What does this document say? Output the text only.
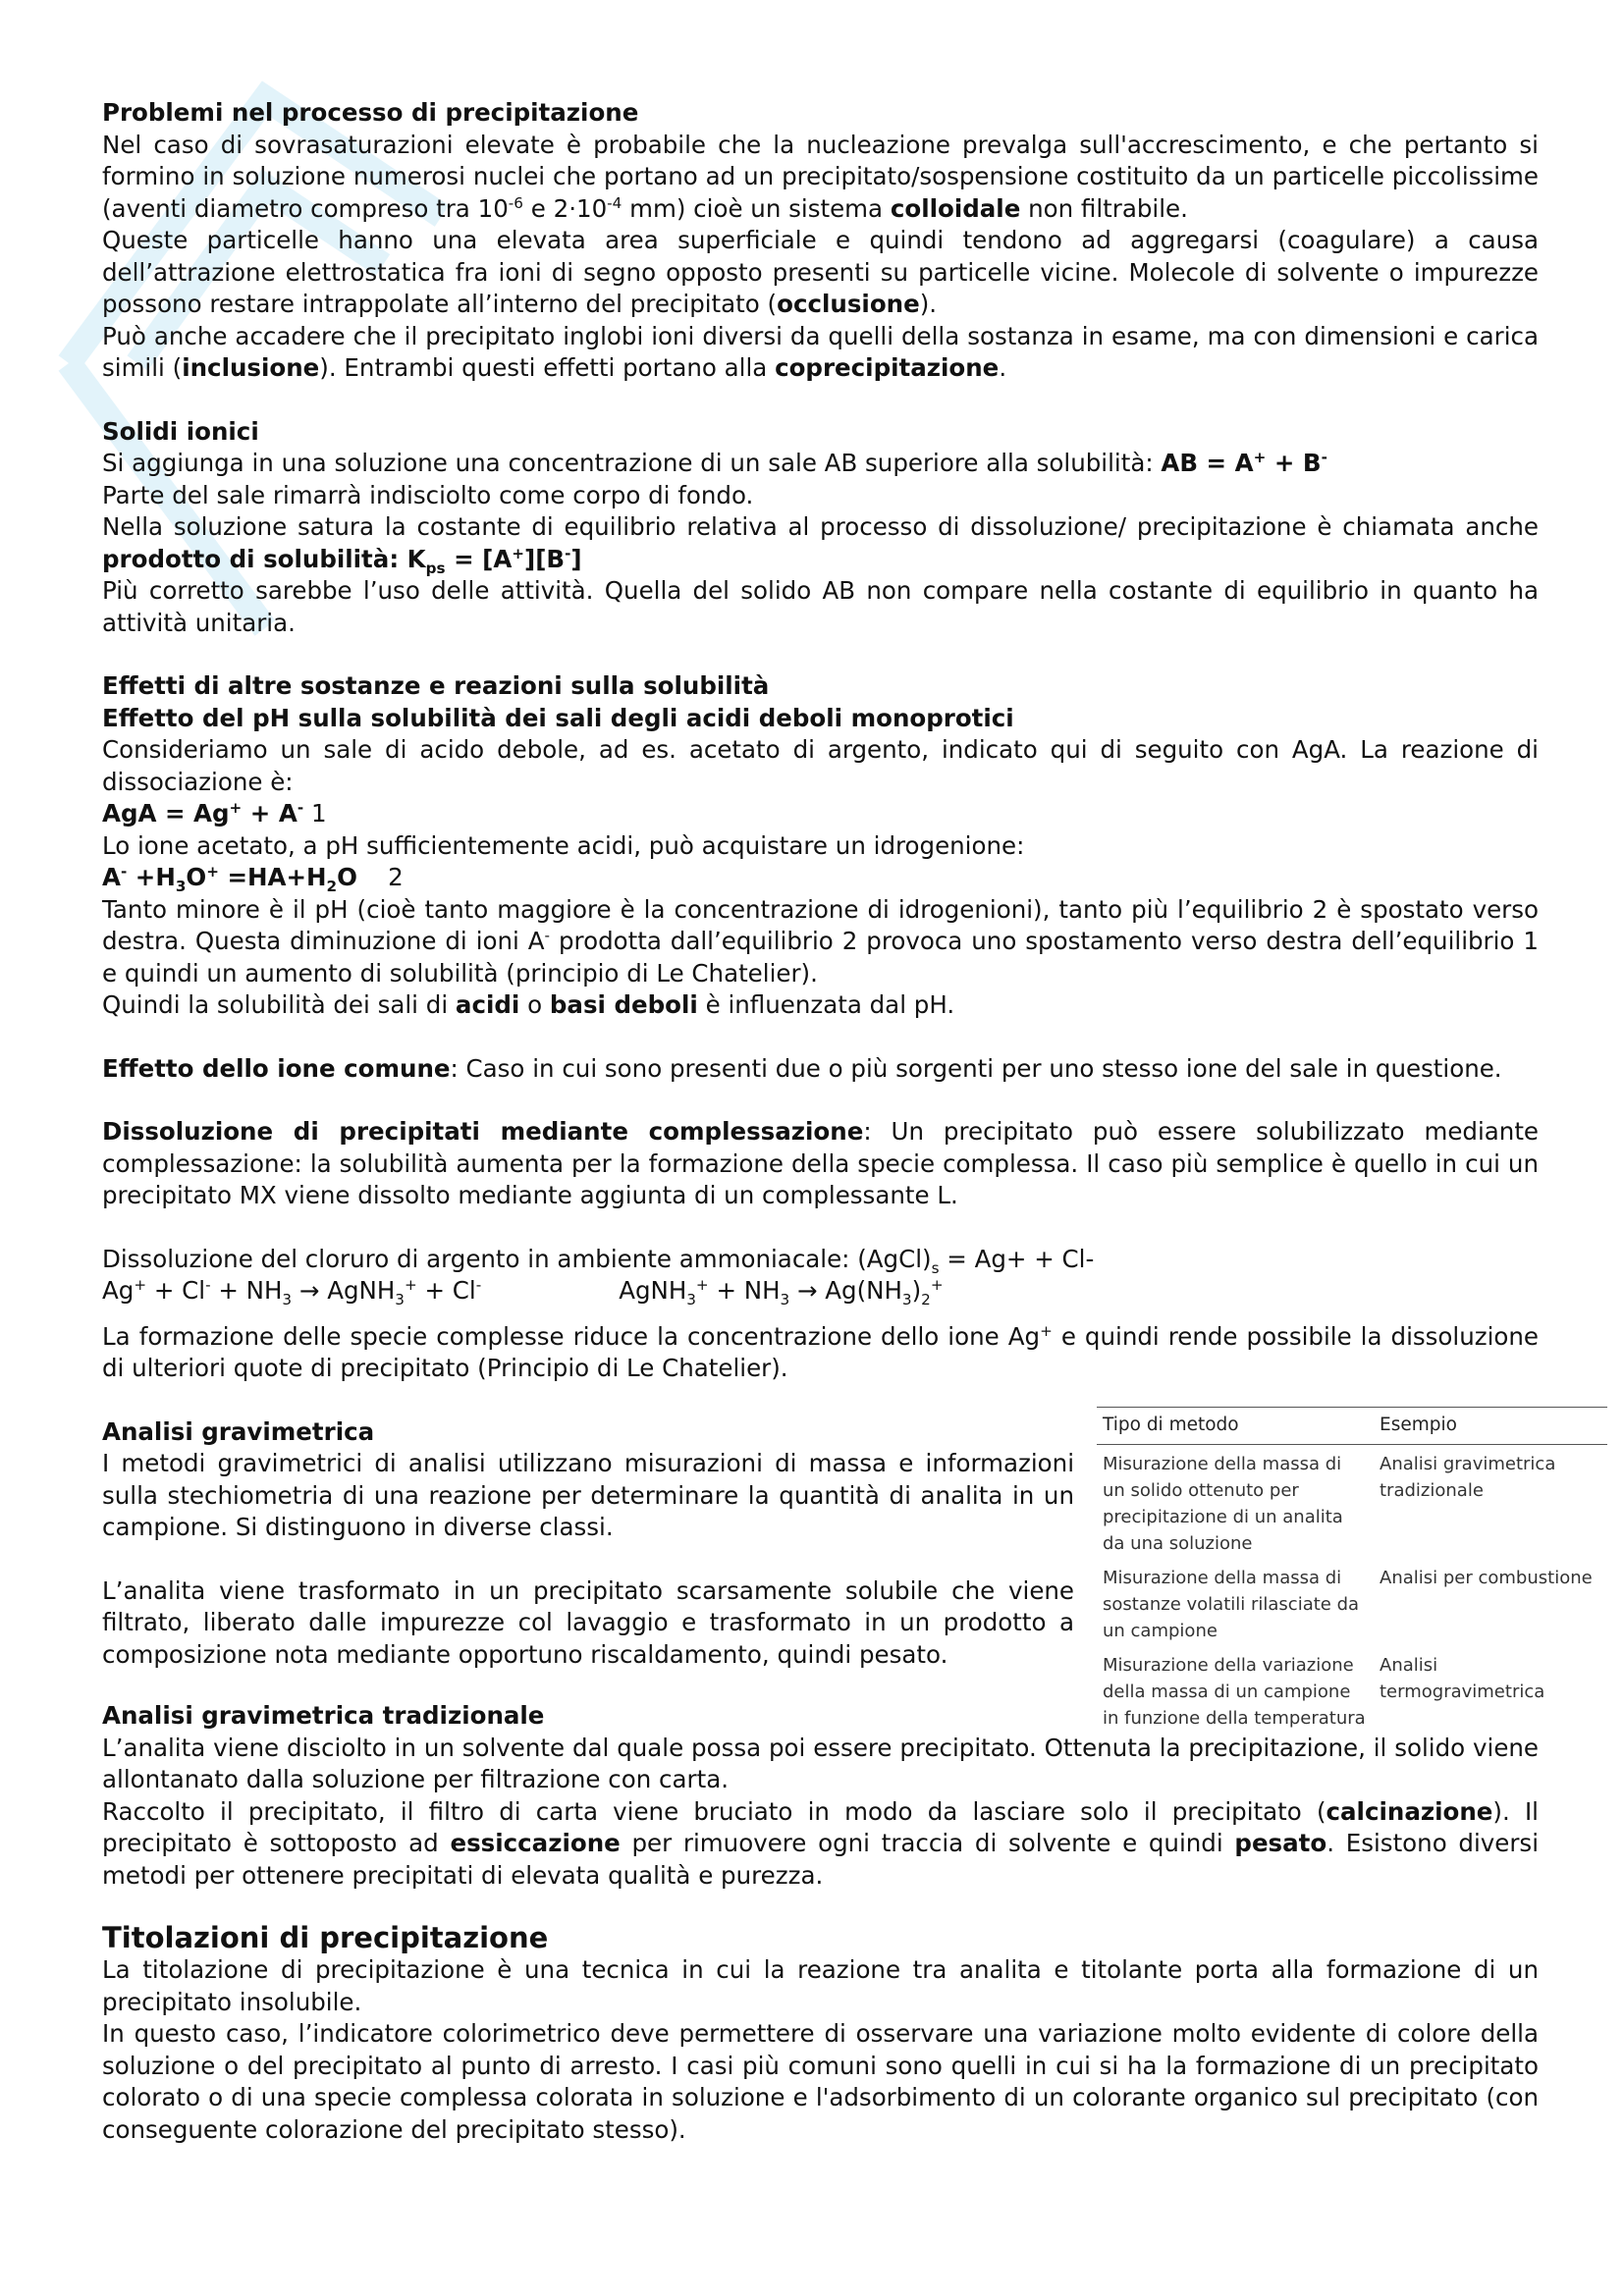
Problemi nel processo di precipitazione

Nel caso di sovrasaturazioni elevate è probabile che la nucleazione prevalga sull'accrescimento, e che pertanto si formino in soluzione numerosi nuclei che portano ad un precipitato/sospensione costituito da un particelle piccolissime (aventi diametro compreso tra $10^{-6}$ e $2\cdot 10^{-4}$ mm) cioè un sistema colloidale non filtrabile.

Queste particelle hanno una elevata area superficiale e quindi tendono ad aggregarsi (coagulare) a causa dell’attrazione elettrostatica fra ioni di segno opposto presenti su particelle vicine. Molecole di solvente o impurezze possono restare intrappolate all’interno del precipitato (occlusione).

Può anche accadere che il precipitato inglobi ioni diversi da quelli della sostanza in esame, ma con dimensioni e carica simili (inclusione). Entrambi questi effetti portano alla coprecipitazione.

Solidi ionici

Si aggiunga in una soluzione una concentrazione di un sale AB superiore alla solubilità: AB = A+ + B-

Parte del sale rimarrà indisciolto come corpo di fondo.

Nella soluzione satura la costante di equilibrio relativa al processo di dissoluzione/ precipitazione è chiamata anche prodotto di solubilità: $K_{ps} = [A^+][B^-]$

Più corretto sarebbe l’uso delle attività. Quella del solido AB non compare nella costante di equilibrio in quanto ha attività unitaria.

Effetti di altre sostanze e reazioni sulla solubilità

Effetto del pH sulla solubilità dei sali degli acidi deboli monoprotici

Consideriamo un sale di acido debole, ad es. acetato di argento, indicato qui di seguito con AgA. La reazione di dissociazione è:

AgA = Ag+ + A- 1

Lo ione acetato, a pH sufficientemente acidi, può acquistare un idrogenione:

$A^- +H_3O^+ =HA+H_2O$    2

Tanto minore è il pH (cioè tanto maggiore è la concentrazione di idrogenioni), tanto più l’equilibrio 2 è spostato verso destra. Questa diminuzione di ioni A- prodotta dall’equilibrio 2 provoca uno spostamento verso destra dell’equilibrio 1 e quindi un aumento di solubilità (principio di Le Chatelier).

Quindi la solubilità dei sali di acidi o basi deboli è influenzata dal pH.

Effetto dello ione comune: Caso in cui sono presenti due o più sorgenti per uno stesso ione del sale in questione.

Dissoluzione di precipitati mediante complessazione: Un precipitato può essere solubilizzato mediante complessazione: la solubilità aumenta per la formazione della specie complessa. Il caso più semplice è quello in cui un precipitato MX viene dissolto mediante aggiunta di un complessante L.

Dissoluzione del cloruro di argento in ambiente ammoniacale: $(AgCl)_s = Ag+ + Cl-$

$Ag^+ + Cl^- + NH_3$ → AgNH$_3$+ + Cl-	AgNH$_3$+ + $NH_3 \to Ag(NH_3)_2^+$

La formazione delle specie complesse riduce la concentrazione dello ione Ag+ e quindi rende possibile la dissoluzione di ulteriori quote di precipitato (Principio di Le Chatelier).

Analisi gravimetrica

I metodi gravimetrici di analisi utilizzano misurazioni di massa e informazioni sulla stechiometria di una reazione per determinare la quantità di analita in un campione. Si distinguono in diverse classi.

L’analita viene trasformato in un precipitato scarsamente solubile che viene filtrato, liberato dalle impurezze col lavaggio e trasformato in un prodotto a composizione nota mediante opportuno riscaldamento, quindi pesato.

Tipo di metodo	Esempio
Misurazione della massa di un solido ottenuto per precipitazione di un analita da una soluzione	Analisi gravimetrica tradizionale
Misurazione della massa di sostanze volatili rilasciate da un campione	Analisi per combustione
Misurazione della variazione della massa di un campione in funzione della temperatura	Analisi termogravimetrica

Analisi gravimetrica tradizionale

L’analita viene disciolto in un solvente dal quale possa poi essere precipitato. Ottenuta la precipitazione, il solido viene allontanato dalla soluzione per filtrazione con carta.

Raccolto il precipitato, il filtro di carta viene bruciato in modo da lasciare solo il precipitato (calcinazione). Il precipitato è sottoposto ad essiccazione per rimuovere ogni traccia di solvente e quindi pesato. Esistono diversi metodi per ottenere precipitati di elevata qualità e purezza.

Titolazioni di precipitazione

La titolazione di precipitazione è una tecnica in cui la reazione tra analita e titolante porta alla formazione di un precipitato insolubile.

In questo caso, l’indicatore colorimetrico deve permettere di osservare una variazione molto evidente di colore della soluzione o del precipitato al punto di arresto. I casi più comuni sono quelli in cui si ha la formazione di un precipitato colorato o di una specie complessa colorata in soluzione e l'adsorbimento di un colorante organico sul precipitato (con conseguente colorazione del precipitato stesso).
